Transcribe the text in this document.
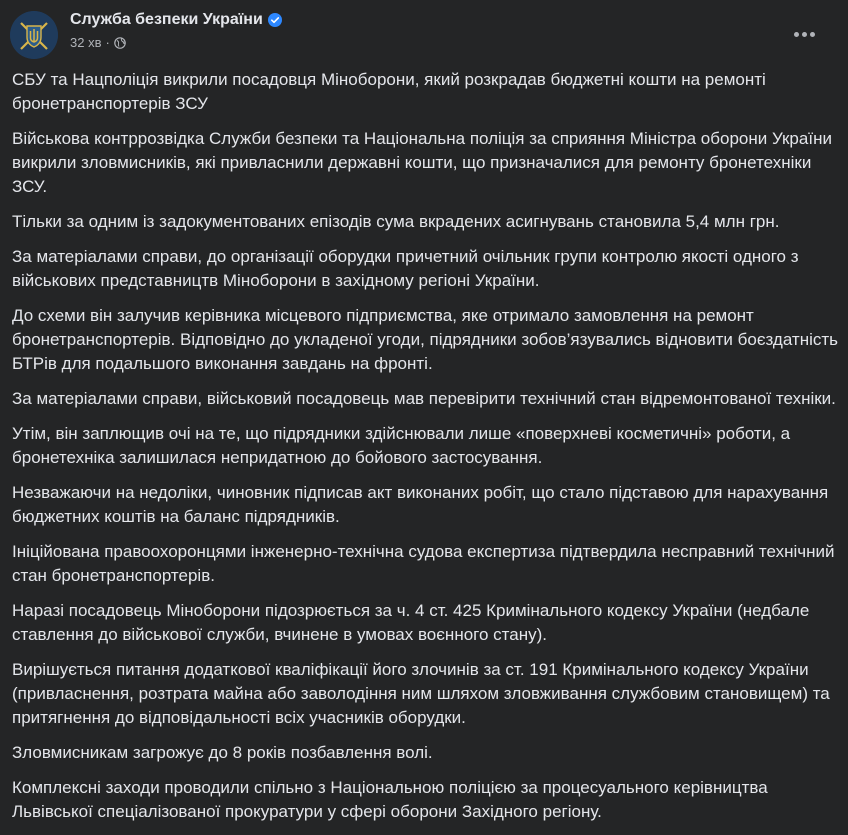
Служба безпеки України
32 хв ·

СБУ та Нацполіція викрили посадовця Міноборони, який розкрадав бюджетні кошти на ремонті бронетранспортерів ЗСУ

Військова контррозвідка Служби безпеки та Національна поліція за сприяння Міністра оборони України викрили зловмисників, які привласнили державні кошти, що призначалися для ремонту бронетехніки ЗСУ.

Тільки за одним із задокументованих епізодів сума вкрадених асигнувань становила 5,4 млн грн.

За матеріалами справи, до організації оборудки причетний очільник групи контролю якості одного з військових представництв Міноборони в західному регіоні України.

До схеми він залучив керівника місцевого підприємства, яке отримало замовлення на ремонт бронетранспортерів. Відповідно до укладеної угоди, підрядники зобов’язувались відновити боєздатність БТРів для подальшого виконання завдань на фронті.

За матеріалами справи, військовий посадовець мав перевірити технічний стан відремонтованої техніки.

Утім, він заплющив очі на те, що підрядники здійснювали лише «поверхневі косметичні» роботи, а бронетехніка залишилася непридатною до бойового застосування.

Незважаючи на недоліки, чиновник підписав акт виконаних робіт, що стало підставою для нарахування бюджетних коштів на баланс підрядників.

Ініційована правоохоронцями інженерно-технічна судова експертиза підтвердила несправний технічний стан бронетранспортерів.

Наразі посадовець Міноборони підозрюється за ч. 4 ст. 425 Кримінального кодексу України (недбале ставлення до військової служби, вчинене в умовах воєнного стану).

Вирішується питання додаткової кваліфікації його злочинів за ст. 191 Кримінального кодексу України (привласнення, розтрата майна або заволодіння ним шляхом зловживання службовим становищем) та притягнення до відповідальності всіх учасників оборудки.

Зловмисникам загрожує до 8 років позбавлення волі.

Комплексні заходи проводили спільно з Національною поліцією за процесуального керівництва Львівської спеціалізованої прокуратури у сфері оборони Західного регіону.
